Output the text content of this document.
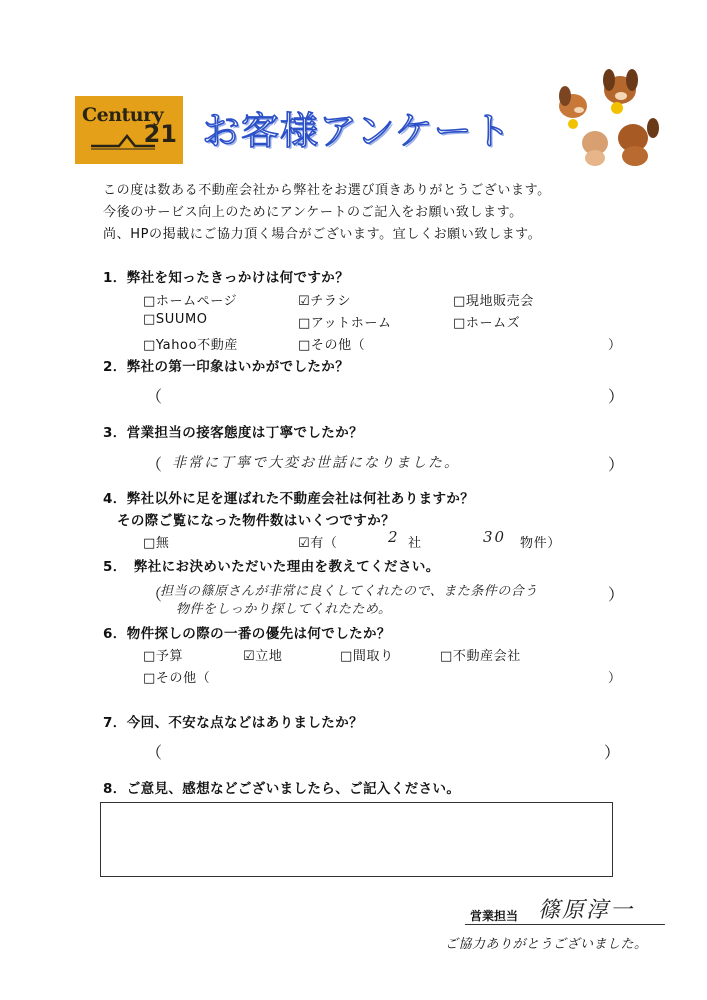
Century
21 お客様アンケート
この度は数ある不動産会社から弊社をお選び頂きありがとうございます。
今後のサービス向上のためにアンケートのご記入をお願い致します。
尚、HPの掲載にご協力頂く場合がございます。宜しくお願い致します。
1．弊社を知ったきっかけは何ですか？
□ホームページ	☑チラシ	□現地販売会
□SUUMO	□アットホーム	□ホームズ
□Yahoo不動産	□その他（	）
2．弊社の第一印象はいかがでしたか？
（	）
3．営業担当の接客態度は丁寧でしたか？
（ 非常に丁寧で大変お世話になりました。	）
4．弊社以外に足を運ばれた不動産会社は何社ありますか？
その際ご覧になった物件数はいくつですか？
□無	☑有（	2 社	30 物件）
5．　弊社にお決めいただいた理由を教えてください。
（
担当の篠原さんが非常に良くしてくれたので、また条件の合う
物件をしっかり探してくれたため。
）
6．物件探しの際の一番の優先は何でしたか？
□予算	☑立地	□間取り	□不動産会社
□その他（	）
7．今回、不安な点などはありましたか？
（	）
8．ご意見、感想などございましたら、ご記入ください。
営業担当 篠原淳一
ご協力ありがとうございました。
